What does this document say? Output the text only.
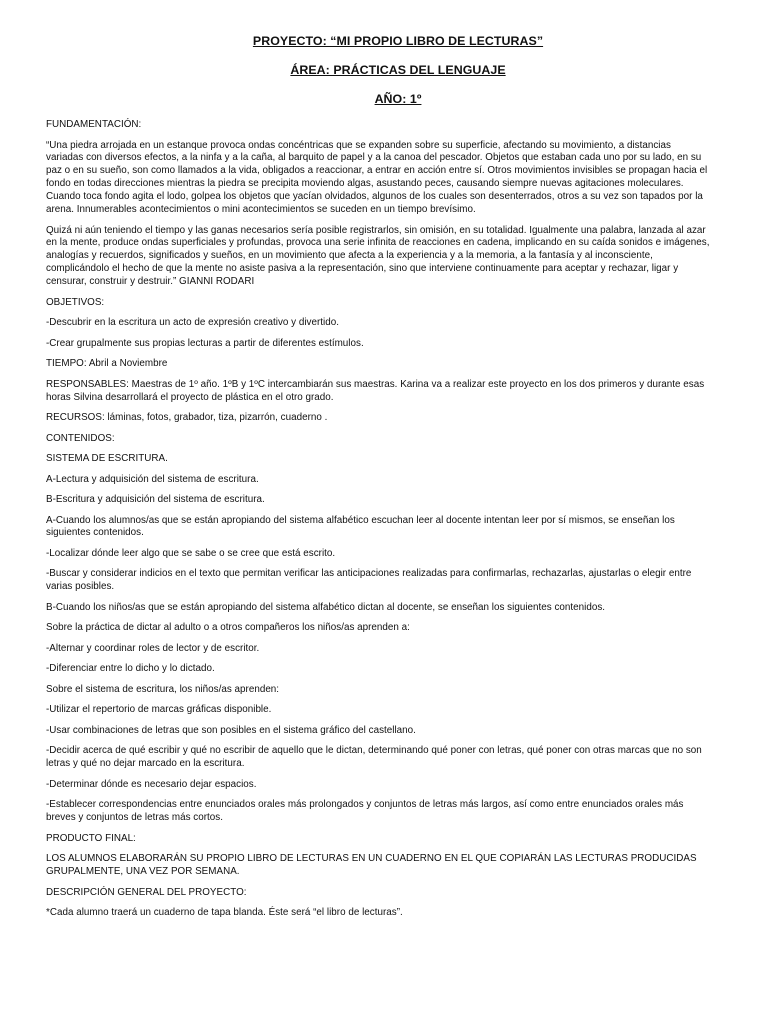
PROYECTO: “MI PROPIO LIBRO DE LECTURAS”
ÁREA: PRÁCTICAS DEL LENGUAJE
AÑO: 1º

FUNDAMENTACIÓN:

“Una piedra arrojada en un estanque provoca ondas concéntricas que se expanden sobre su superficie, afectando su movimiento, a distancias variadas con diversos efectos, a la ninfa y a la caña, al barquito de papel y a la canoa del pescador. Objetos que estaban cada uno por su lado, en su paz o en su sueño, son como llamados a la vida, obligados a reaccionar, a entrar en acción entre sí. Otros movimientos invisibles se propagan hacia el fondo en todas direcciones mientras la piedra se precipita moviendo algas, asustando peces, causando siempre nuevas agitaciones moleculares. Cuando toca fondo agita el lodo, golpea los objetos que yacían olvidados, algunos de los cuales son desenterrados, otros a su vez son tapados por la arena. Innumerables acontecimientos o mini acontecimientos se suceden en un tiempo brevísimo.

Quizá ni aún teniendo el tiempo y las ganas necesarios sería posible registrarlos, sin omisión, en su totalidad. Igualmente una palabra, lanzada al azar en la mente, produce ondas superficiales y profundas, provoca una serie infinita de reacciones en cadena, implicando en su caída sonidos e imágenes, analogías y recuerdos, significados y sueños, en un movimiento que afecta a la experiencia y a la memoria, a la fantasía y al inconsciente, complicándolo el hecho de que la mente no asiste pasiva a la representación, sino que interviene continuamente para aceptar y rechazar, ligar y censurar, construir y destruir.” GIANNI RODARI

OBJETIVOS:

-Descubrir en la escritura un acto de expresión creativo y divertido.

-Crear grupalmente sus propias lecturas a partir de diferentes estímulos.

TIEMPO: Abril a Noviembre

RESPONSABLES: Maestras de 1º año. 1ºB y 1ºC intercambiarán sus maestras. Karina va a realizar este proyecto en los dos primeros y durante esas horas Silvina desarrollará el proyecto de plástica en el otro grado.

RECURSOS: láminas, fotos, grabador, tiza, pizarrón, cuaderno .

CONTENIDOS:

SISTEMA DE ESCRITURA.

A-Lectura y adquisición del sistema de escritura.

B-Escritura y adquisición del sistema de escritura.

A-Cuando los alumnos/as que se están apropiando del sistema alfabético escuchan leer al docente intentan leer por sí mismos, se enseñan los siguientes contenidos.

-Localizar dónde leer algo que se sabe o se cree que está escrito.

-Buscar y considerar indicios en el texto que permitan verificar las anticipaciones realizadas para confirmarlas, rechazarlas, ajustarlas o elegir entre varias posibles.

B-Cuando los niños/as que se están apropiando del sistema alfabético dictan al docente, se enseñan los siguientes contenidos.

Sobre la práctica de dictar al adulto o a otros compañeros los niños/as aprenden a:

-Alternar y coordinar roles de lector y de escritor.

-Diferenciar entre lo dicho y lo dictado.

Sobre el sistema de escritura, los niños/as aprenden:

-Utilizar el repertorio de marcas gráficas disponible.

-Usar combinaciones de letras que son posibles en el sistema gráfico del castellano.

-Decidir acerca de qué escribir y qué no escribir de aquello que le dictan, determinando qué poner con letras, qué poner con otras marcas que no son letras y qué no dejar marcado en la escritura.

-Determinar dónde es necesario dejar espacios.

-Establecer correspondencias entre enunciados orales más prolongados y conjuntos de letras más largos, así como entre enunciados orales más breves y conjuntos de letras más cortos.

PRODUCTO FINAL:

LOS ALUMNOS ELABORARÁN SU PROPIO LIBRO DE LECTURAS EN UN CUADERNO EN EL QUE COPIARÁN LAS LECTURAS PRODUCIDAS GRUPALMENTE, UNA VEZ POR SEMANA.

DESCRIPCIÓN GENERAL DEL PROYECTO:

*Cada alumno traerá un cuaderno de tapa blanda. Éste será “el libro de lecturas”.
